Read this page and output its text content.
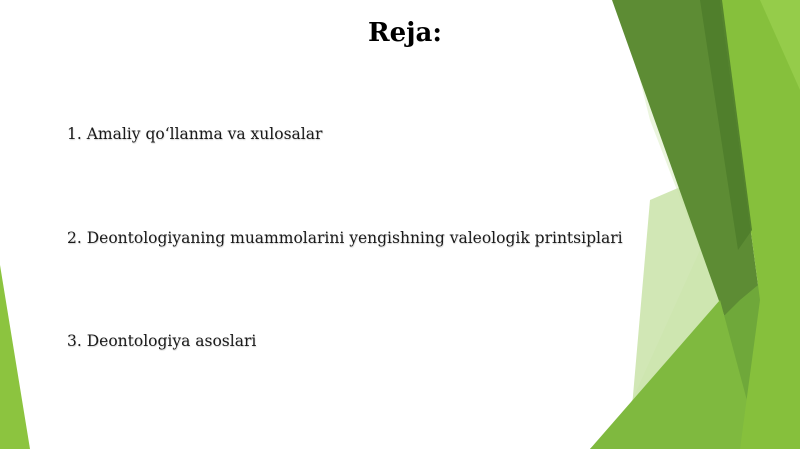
Reja:

1. Amaliy qo‘llanma va xulosalar

2. Deontologiyaning muammolarini yengishning valeologik printsiplari

3. Deontologiya asoslari
